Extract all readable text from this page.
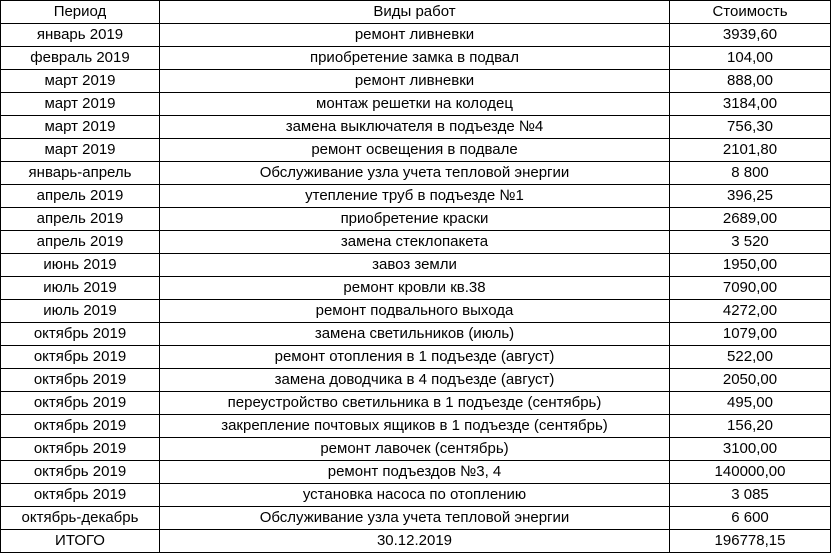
Период	Виды работ	Стоимость
январь 2019	ремонт ливневки	3939,60
февраль 2019	приобретение замка в подвал	104,00
март 2019	ремонт ливневки	888,00
март 2019	монтаж решетки на колодец	3184,00
март 2019	замена выключателя в подъезде №4	756,30
март 2019	ремонт освещения в подвале	2101,80
январь-апрель	Обслуживание узла учета тепловой энергии	8 800
апрель 2019	утепление труб в подъезде №1	396,25
апрель 2019	приобретение краски	2689,00
апрель 2019	замена стеклопакета	3 520
июнь 2019	завоз земли	1950,00
июль 2019	ремонт кровли кв.38	7090,00
июль 2019	ремонт подвального выхода	4272,00
октябрь 2019	замена светильников (июль)	1079,00
октябрь 2019	ремонт отопления в 1 подъезде (август)	522,00
октябрь 2019	замена доводчика в 4 подъезде (август)	2050,00
октябрь 2019	переустройство светильника в 1 подъезде (сентябрь)	495,00
октябрь 2019	закрепление почтовых ящиков в 1 подъезде (сентябрь)	156,20
октябрь 2019	ремонт лавочек (сентябрь)	3100,00
октябрь 2019	ремонт подъездов №3, 4	140000,00
октябрь 2019	установка насоса по отоплению	3 085
октябрь-декабрь	Обслуживание узла учета тепловой энергии	6 600
ИТОГО	30.12.2019	196778,15
